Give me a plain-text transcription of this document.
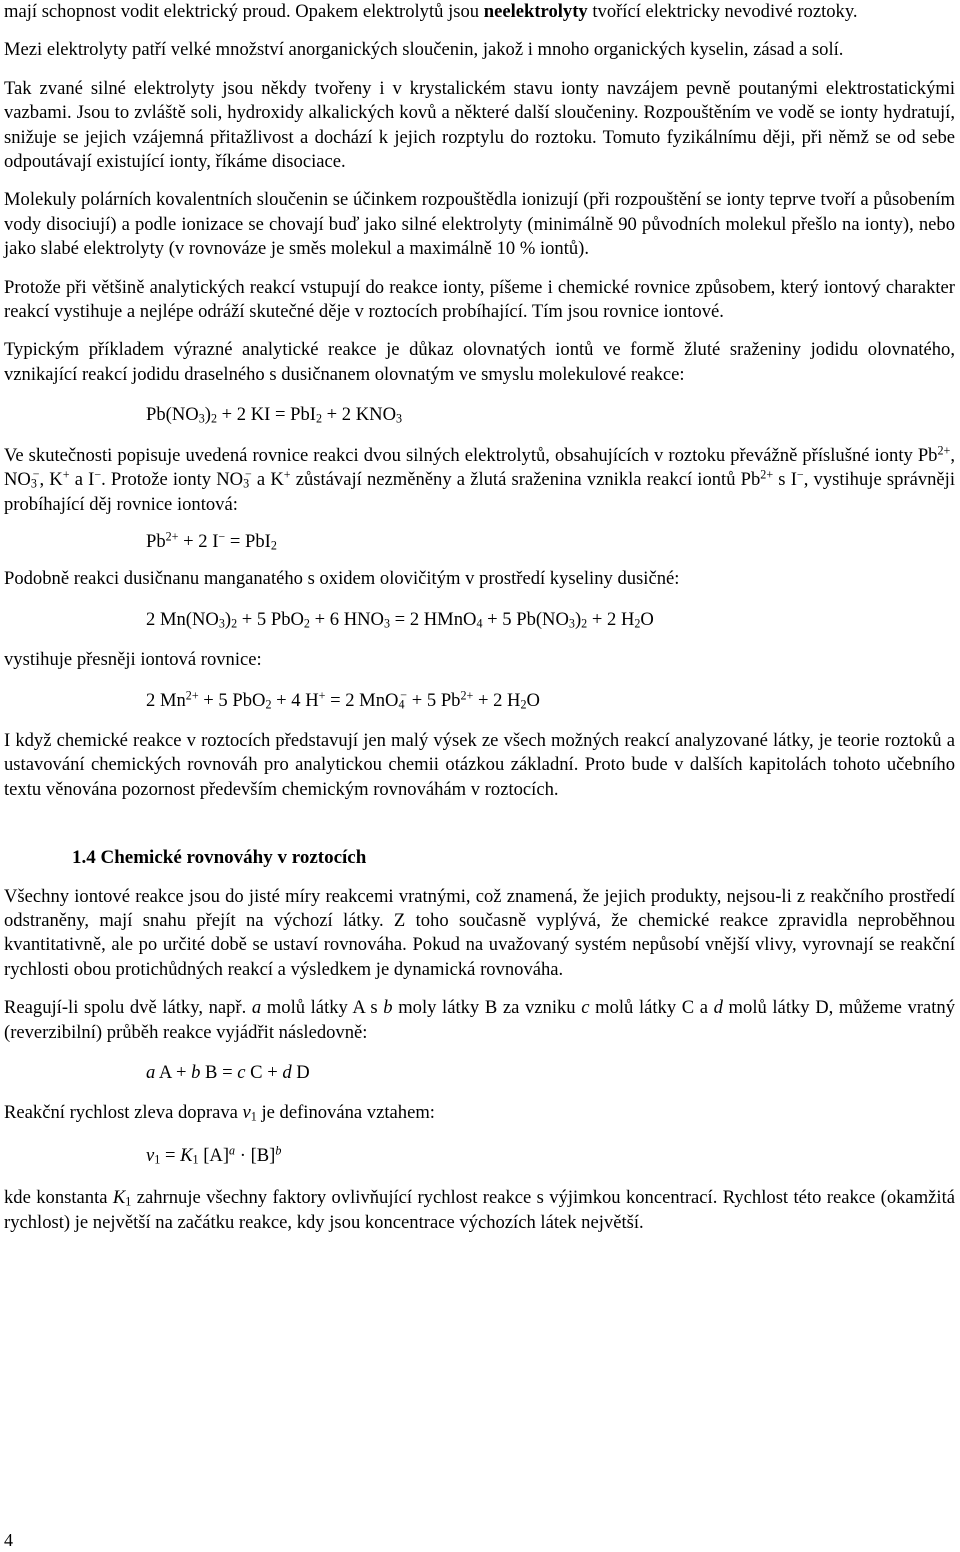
mají schopnost vodit elektrický proud. Opakem elektrolytů jsou neelektrolyty tvořící elektricky nevodivé roztoky.

Mezi elektrolyty patří velké množství anorganických sloučenin, jakož i mnoho organických kyselin, zásad a solí.

Tak zvané silné elektrolyty jsou někdy tvořeny i v krystalickém stavu ionty navzájem pevně poutanými elektrostatickými vazbami. Jsou to zvláště soli, hydroxidy alkalických kovů a některé další sloučeniny. Rozpouštěním ve vodě se ionty hydratují, snižuje se jejich vzájemná přitažlivost a dochází k jejich rozptylu do roztoku. Tomuto fyzikálnímu ději, při němž se od sebe odpoutávají existující ionty, říkáme disociace.

Molekuly polárních kovalentních sloučenin se účinkem rozpouštědla ionizují (při rozpouštění se ionty teprve tvoří a působením vody disociují) a podle ionizace se chovají buď jako silné elektrolyty (minimálně 90 původních molekul přešlo na ionty), nebo jako slabé elektrolyty (v rovnováze je směs molekul a maximálně 10 % iontů).

Protože při většině analytických reakcí vstupují do reakce ionty, píšeme i chemické rovnice způsobem, který iontový charakter reakcí vystihuje a nejlépe odráží skutečné děje v roztocích probíhající. Tím jsou rovnice iontové.

Typickým příkladem výrazné analytické reakce je důkaz olovnatých iontů ve formě žluté sraženiny jodidu olovnatého, vznikající reakcí jodidu draselného s dusičnanem olovnatým ve smyslu molekulové reakce:

$Pb(NO_3)_2 + 2$ KI = PbI$_2$ + 2 $KNO_3$

Ve skutečnosti popisuje uvedená rovnice reakci dvou silných elektrolytů, obsahujících v roztoku převážně příslušné ionty $Pb^{2+}$, $NO_3^-$, K+ a I−. Protože ionty $NO_3^-$ a K+ zůstávají nezměněny a žlutá sraženina vznikla reakcí iontů $Pb^{2+}$ s I−, vystihuje správněji probíhající děj rovnice iontová:

$Pb^{2+} + 2$ I− = PbI$_2$

Podobně reakci dusičnanu manganatého s oxidem olovičitým v prostředí kyseliny dusičné:

2 $Mn(NO_3)_2 + 5$ PbO$_2$ + 6 $HNO_3 = 2$ HMnO$_4$ + 5 $Pb(NO_3)_2 + 2$ $H_2O$

vystihuje přesněji iontová rovnice:

2 $Mn^{2+} + 5$ PbO$_2$ + 4 H+ = 2 MnO$_4$− + 5 $Pb^{2+} + 2$ $H_2O$

I když chemické reakce v roztocích představují jen malý výsek ze všech možných reakcí analyzované látky, je teorie roztoků a ustavování chemických rovnováh pro analytickou chemii otázkou základní. Proto bude v dalších kapitolách tohoto učebního textu věnována pozornost především chemickým rovnováhám v roztocích.

1.4 Chemické rovnováhy v roztocích

Všechny iontové reakce jsou do jisté míry reakcemi vratnými, což znamená, že jejich produkty, nejsou-li z reakčního prostředí odstraněny, mají snahu přejít na výchozí látky. Z toho současně vyplývá, že chemické reakce zpravidla neproběhnou kvantitativně, ale po určité době se ustaví rovnováha. Pokud na uvažovaný systém nepůsobí vnější vlivy, vyrovnají se reakční rychlosti obou protichůdných reakcí a výsledkem je dynamická rovnováha.

Reagují-li spolu dvě látky, např. a molů látky A s b moly látky B za vzniku c molů látky C a d molů látky D, můžeme vratný (reverzibilní) průběh reakce vyjádřit následovně:

a A + b B = c C + d D

Reakční rychlost zleva doprava $v_1$ je definována vztahem:

$v_1 = K_1$ $[A]^a \cdot [B]^b$

kde konstanta $K_1$ zahrnuje všechny faktory ovlivňující rychlost reakce s výjimkou koncentrací. Rychlost této reakce (okamžitá rychlost) je největší na začátku reakce, kdy jsou koncentrace výchozích látek největší.

4
